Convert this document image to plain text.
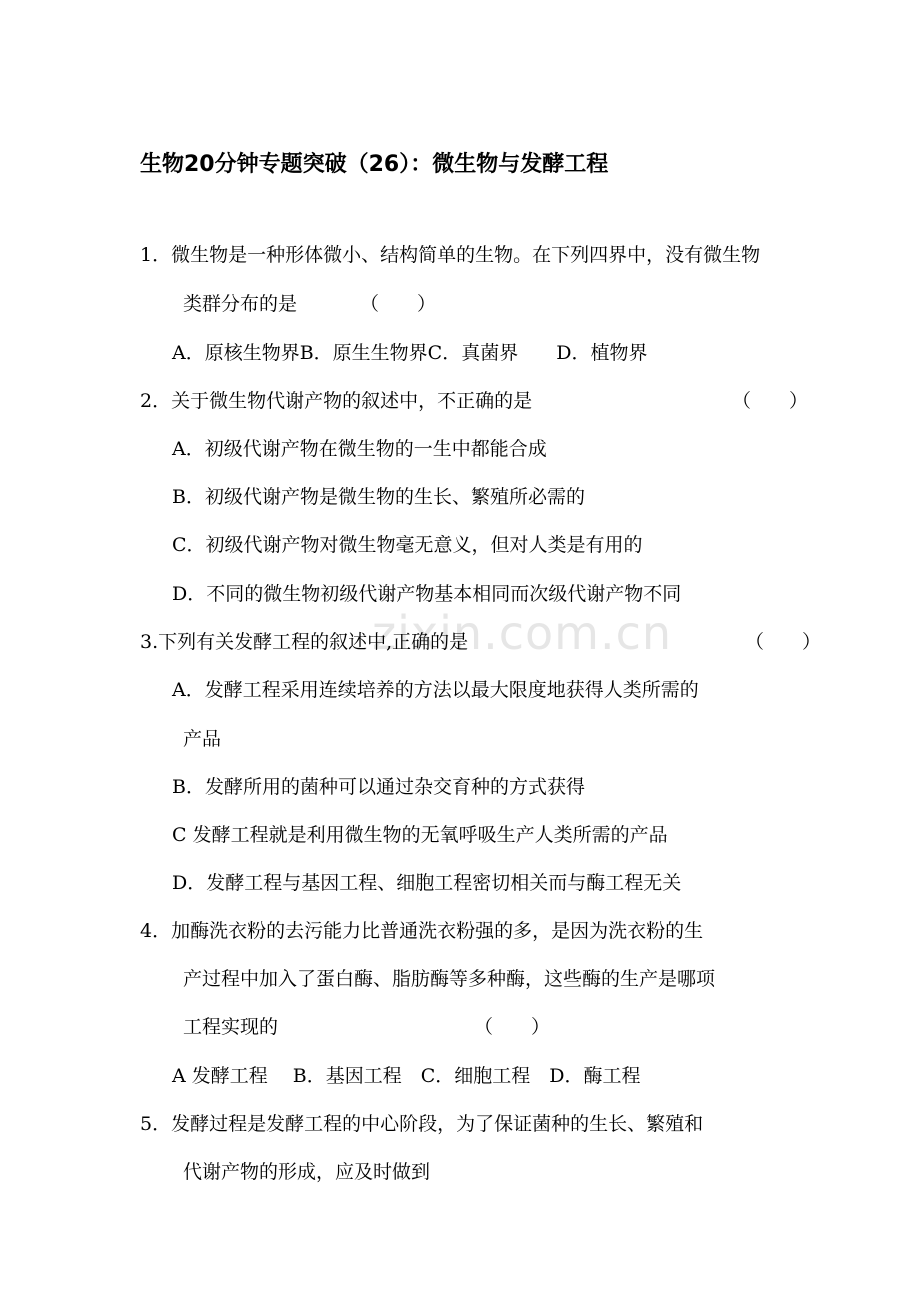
zixin.com.cn
生物20分钟专题突破（26）：微生物与发酵工程
1．微生物是一种形体微小、结构简单的生物。在下列四界中，没有微生物
类群分布的是	（　　）
A．原核生物界B．原生生物界C．真菌界　　D．植物界
2．关于微生物代谢产物的叙述中，不正确的是	（　　）
A．初级代谢产物在微生物的一生中都能合成
B．初级代谢产物是微生物的生长、繁殖所必需的
C．初级代谢产物对微生物毫无意义，但对人类是有用的
D．不同的微生物初级代谢产物基本相同而次级代谢产物不同
3.下列有关发酵工程的叙述中,正确的是	（　　）
A．发酵工程采用连续培养的方法以最大限度地获得人类所需的
产品
B．发酵所用的菌种可以通过杂交育种的方式获得
C 发酵工程就是利用微生物的无氧呼吸生产人类所需的产品
D．发酵工程与基因工程、细胞工程密切相关而与酶工程无关
4．加酶洗衣粉的去污能力比普通洗衣粉强的多，是因为洗衣粉的生
产过程中加入了蛋白酶、脂肪酶等多种酶，这些酶的生产是哪项
工程实现的	（　　）
A 发酵工程　 B．基因工程　C．细胞工程　D．酶工程
5．发酵过程是发酵工程的中心阶段，为了保证菌种的生长、繁殖和
代谢产物的形成，应及时做到
